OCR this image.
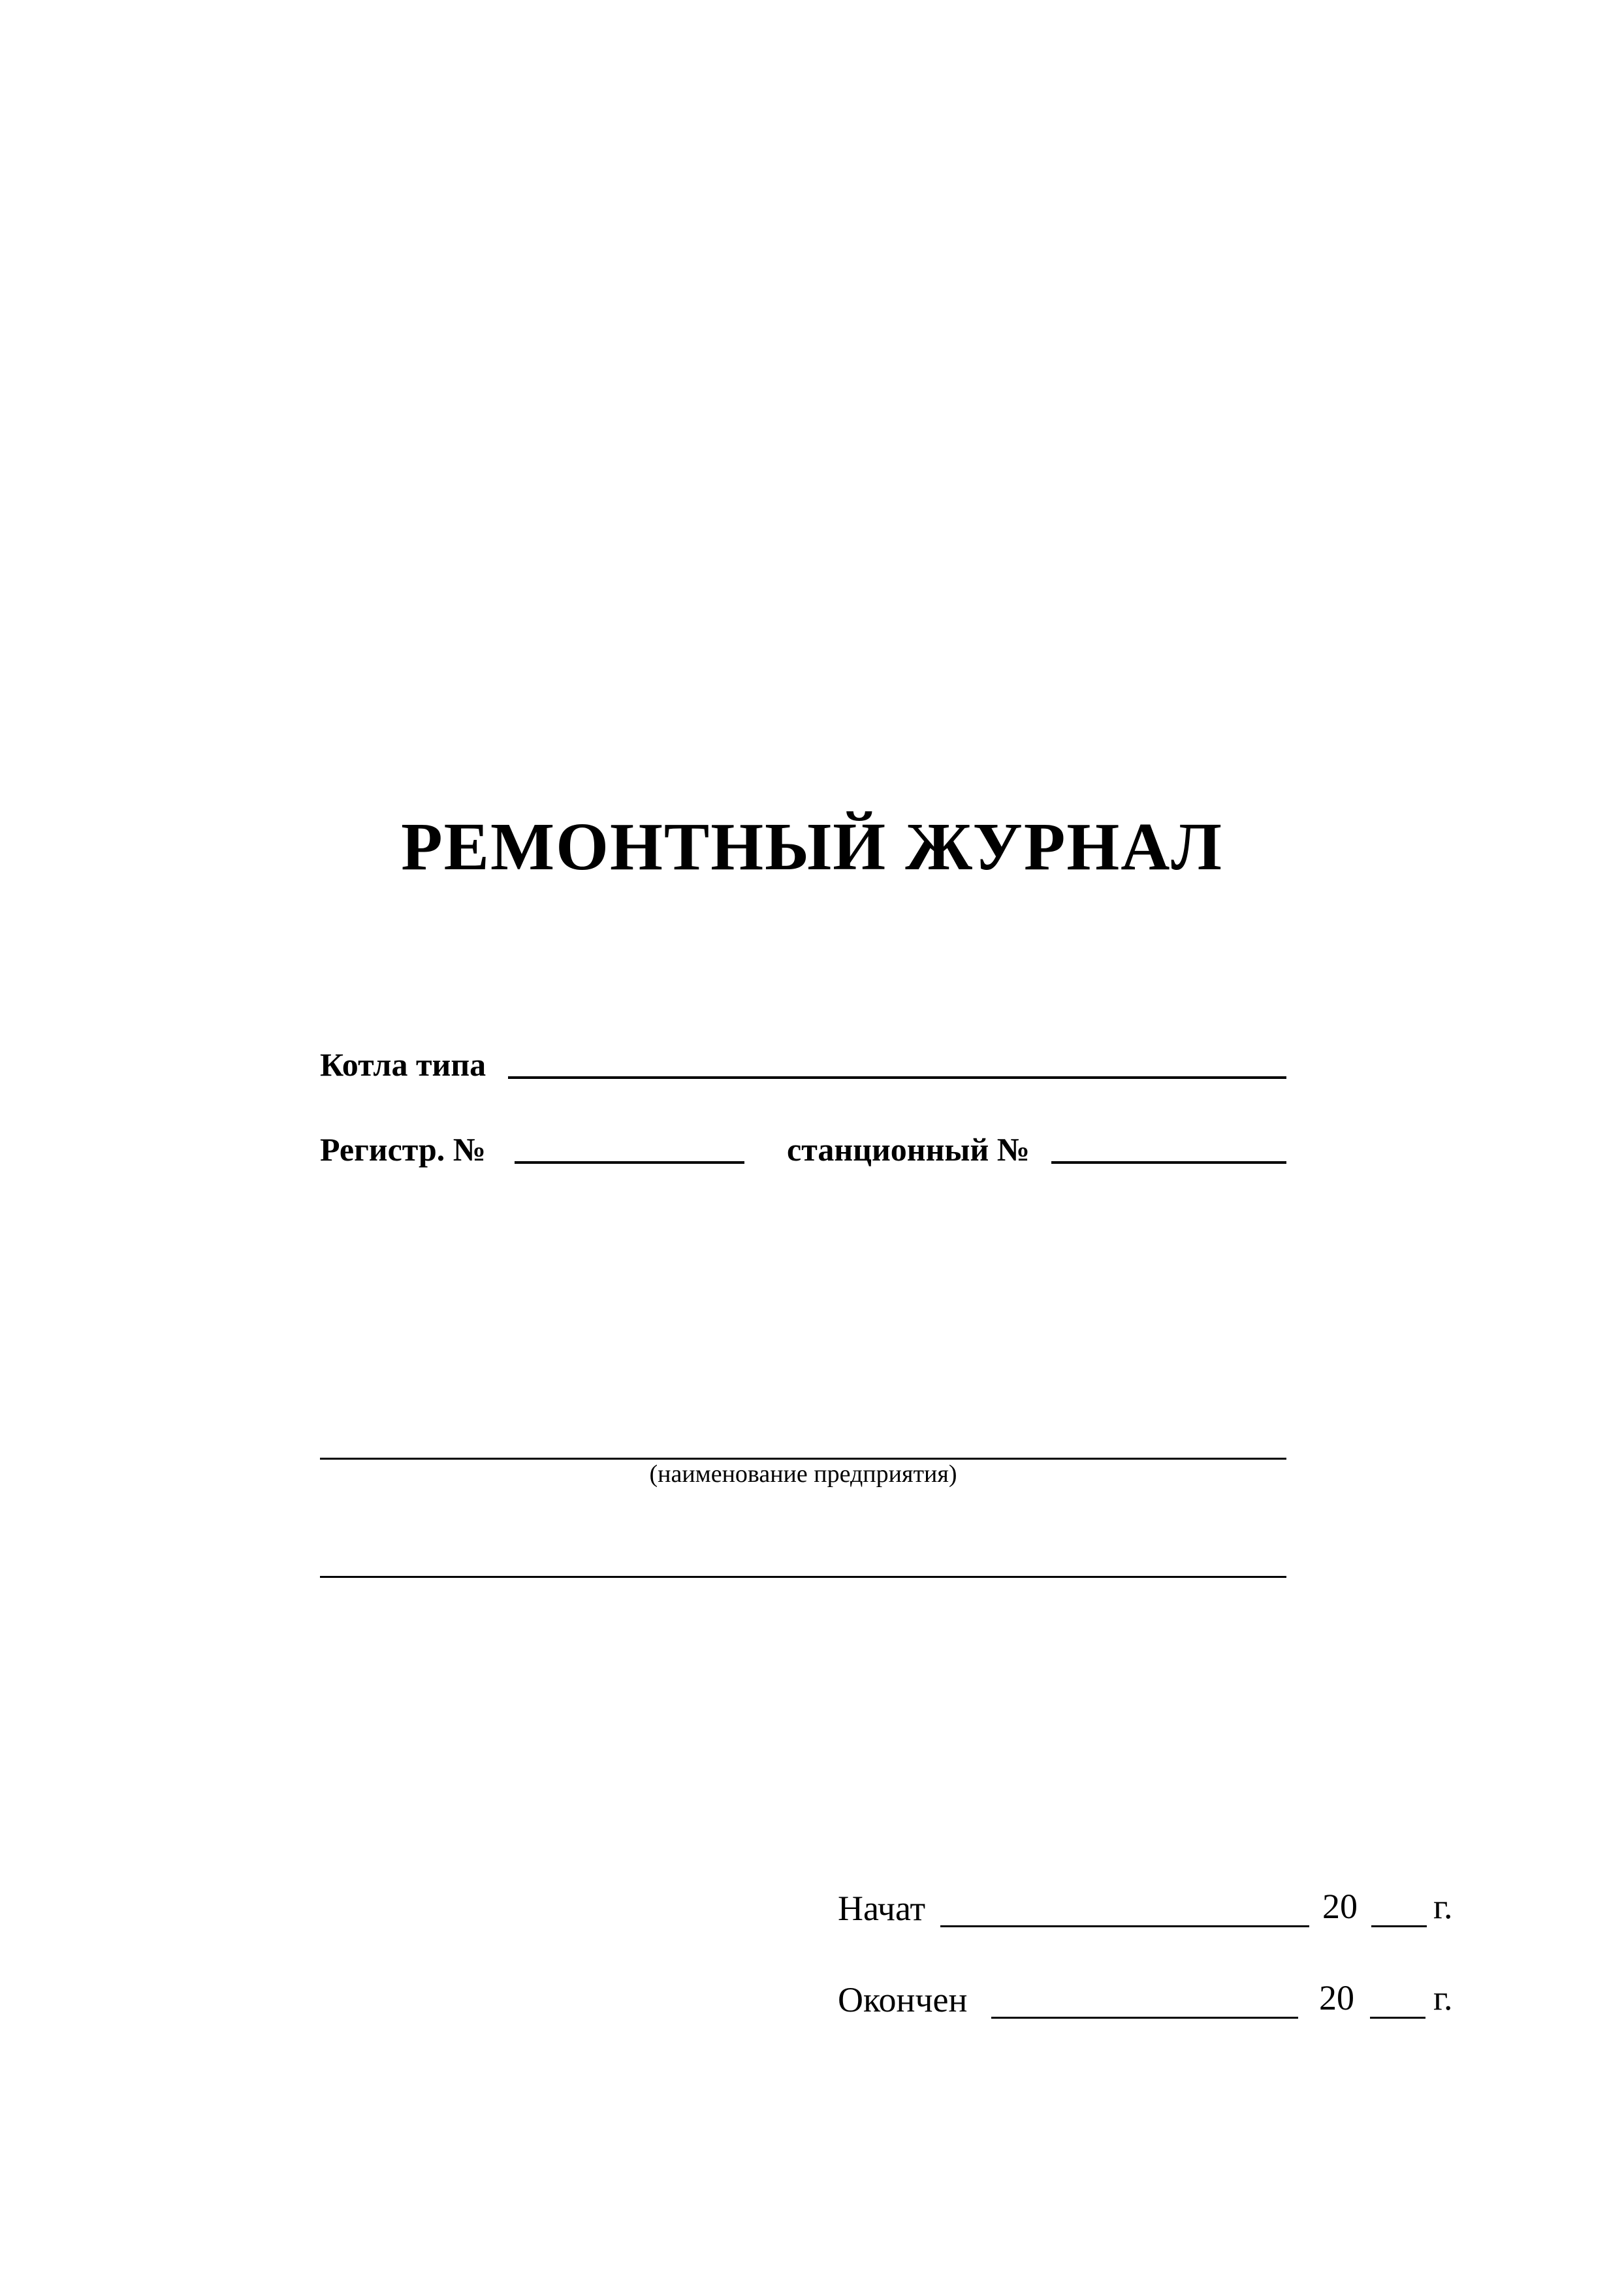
РЕМОНТНЫЙ ЖУРНАЛ
Котла типа
Регистр. №	станционный №
(наименование предприятия)
Начат	20 г.
Окончен	20 г.
